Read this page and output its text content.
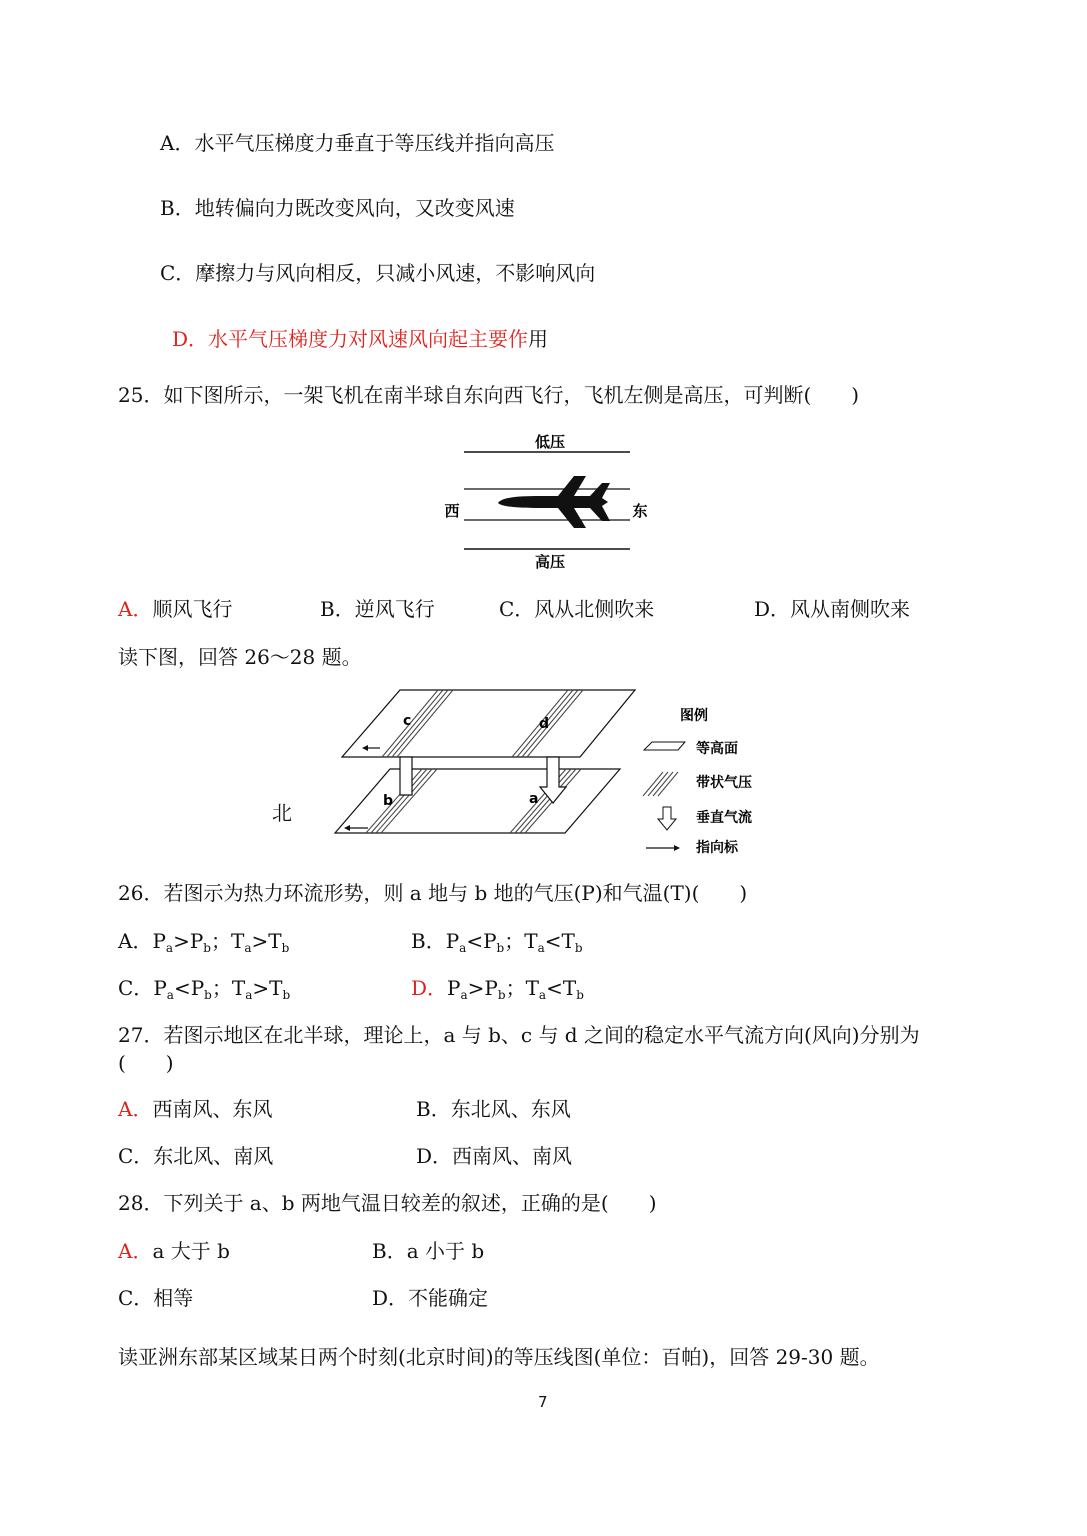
A．水平气压梯度力垂直于等压线并指向高压
B．地转偏向力既改变风向，又改变风速
C．摩擦力与风向相反，只减小风速，不影响风向
D．水平气压梯度力对风速风向起主要作用
25．如下图所示，一架飞机在南半球自东向西飞行，飞机左侧是高压，可判断(　　)
低压
西	东
高压
A．顺风飞行	B．逆风飞行	C．风从北侧吹来	D．风从南侧吹来
读下图，回答 26～28 题。
北
c	d
b	a
图例
等高面
带状气压
垂直气流
指向标
26．若图示为热力环流形势，则 a 地与 b 地的气压(P)和气温(T)(　　)
A．$P_a>P_b$；$T_a>T_b$	B．$P_a<P_b$；$T_a<T_b$
C．$P_a<P_b$；$T_a>T_b$	D．$P_a>P_b$；$T_a<T_b$
27．若图示地区在北半球，理论上，a 与 b、c 与 d 之间的稳定水平气流方向(风向)分别为
(　　)
A．西南风、东风	B．东北风、东风
C．东北风、南风	D．西南风、南风
28．下列关于 a、b 两地气温日较差的叙述，正确的是(　　)
A．a 大于 b	B．a 小于 b
C．相等	D．不能确定
读亚洲东部某区域某日两个时刻(北京时间)的等压线图(单位：百帕)，回答 29-30 题。
7
